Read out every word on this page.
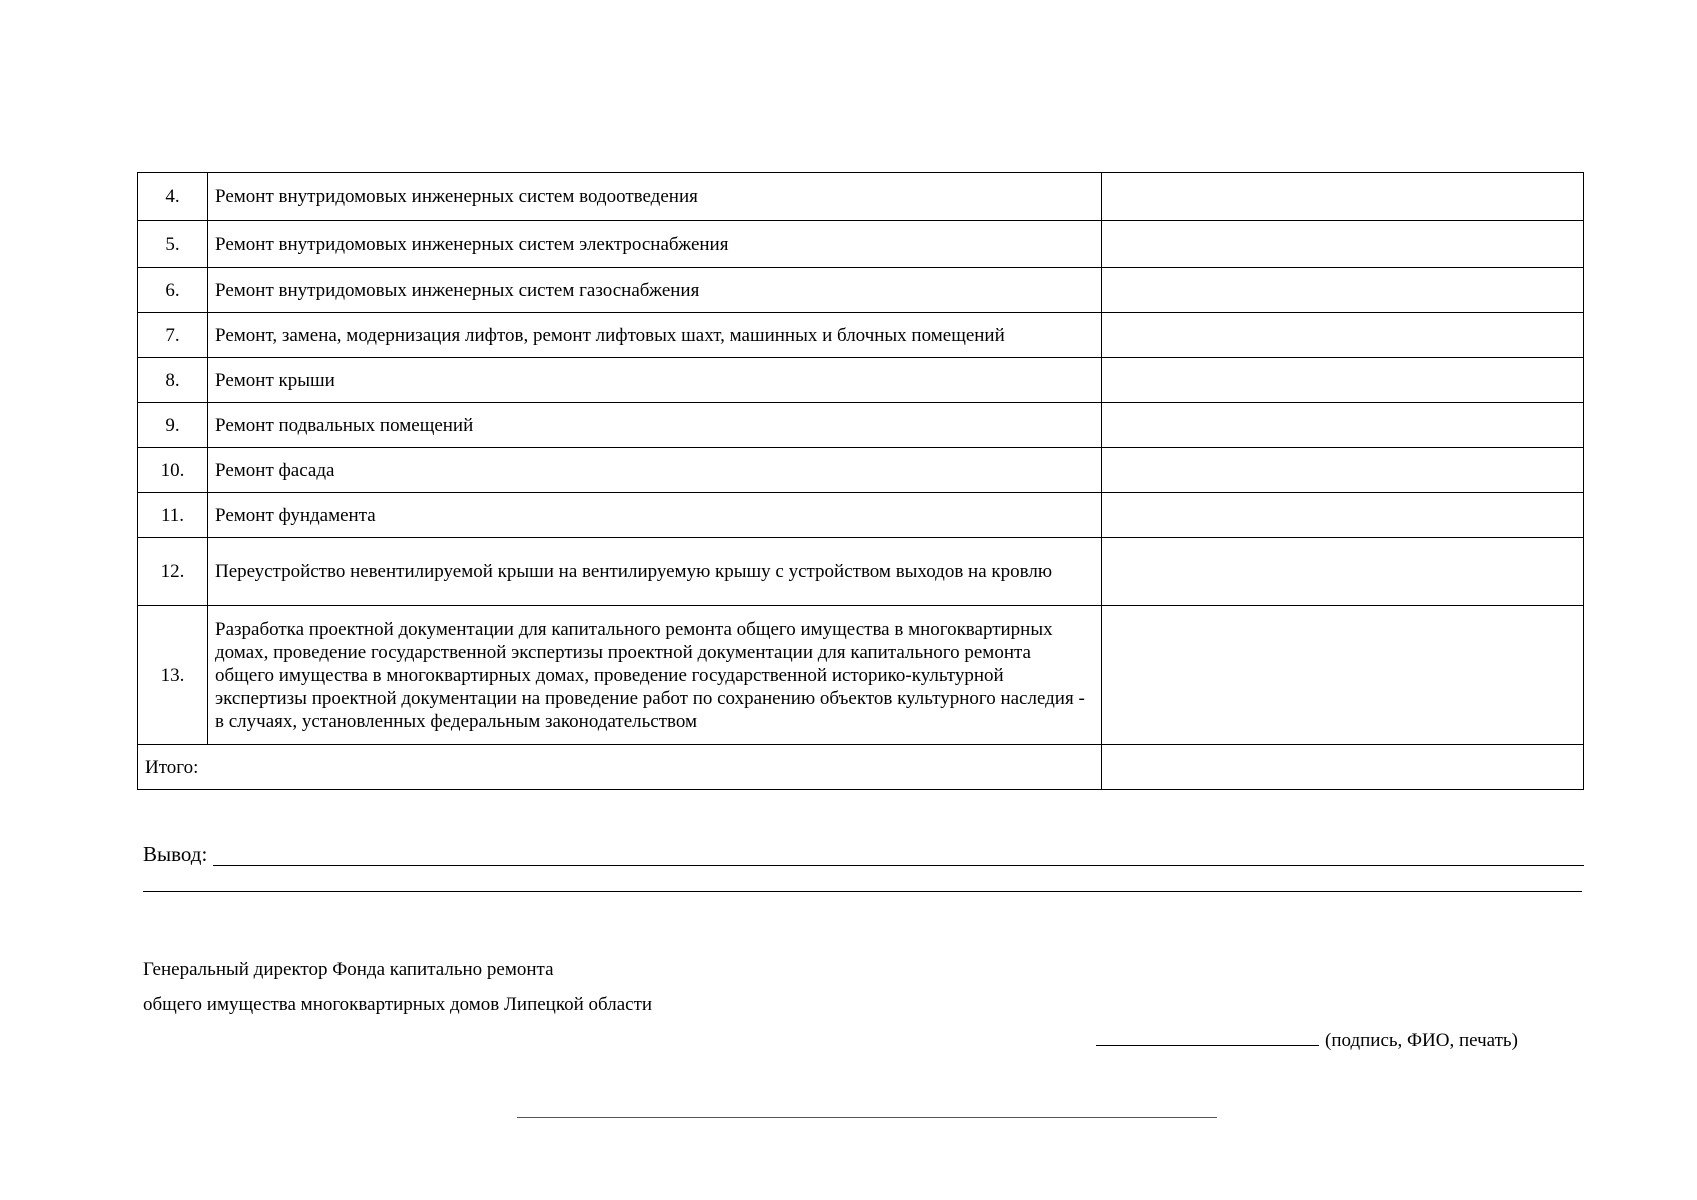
4.	Ремонт внутридомовых инженерных систем водоотведения	
5.	Ремонт внутридомовых инженерных систем электроснабжения	
6.	Ремонт внутридомовых инженерных систем газоснабжения	
7.	Ремонт, замена, модернизация лифтов, ремонт лифтовых шахт, машинных и блочных помещений	
8.	Ремонт крыши	
9.	Ремонт подвальных помещений	
10.	Ремонт фасада	
11.	Ремонт фундамента	
12.	Переустройство невентилируемой крыши на вентилируемую крышу с устройством выходов на кровлю	
13.	Разработка проектной документации для капитального ремонта общего имущества в многоквартирных домах, проведение государственной экспертизы проектной документации для капитального ремонта общего имущества в многоквартирных домах, проведение государственной историко-культурной экспертизы проектной документации на проведение работ по сохранению объектов культурного наследия - в случаях, установленных федеральным законодательством	
Итого:		
Вывод:
Генеральный директор Фонда капитально ремонта
общего имущества многоквартирных домов Липецкой области
(подпись, ФИО, печать)
